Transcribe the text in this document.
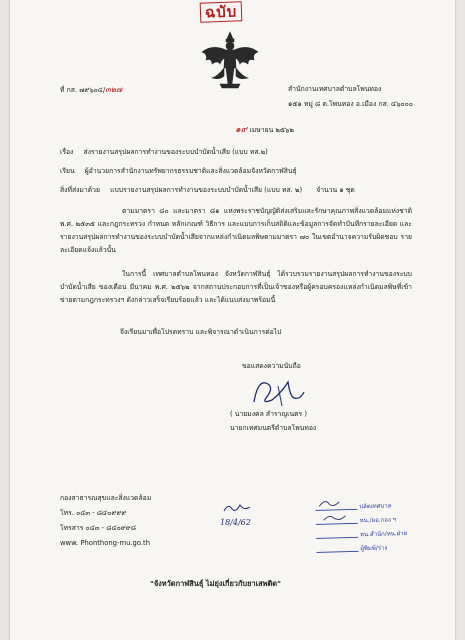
ฉบับ
ที่ กส. ๗๙๖๐๔/๓๒๗	สำนักงานเทศบาลตำบลโพนทอง
๑๕๑ หมู่ ๘ ต.โพนทอง อ.เมือง กส. ๔๖๐๐๐
๑๙ เมษายน ๒๕๖๒
เรื่อง ส่งรายงานสรุปผลการทำงานของระบบบำบัดน้ำเสีย (แบบ ทส.๒)
เรียน ผู้อำนวยการสำนักงานทรัพยากรธรรมชาติและสิ่งแวดล้อมจังหวัดกาฬสินธุ์
สิ่งที่ส่งมาด้วย แบบรายงานสรุปผลการทำงานของระบบบำบัดน้ำเสีย (แบบ ทส. ๒) จำนวน ๑ ชุด
ตามมาตรา ๘๐ และมาตรา ๘๑ แห่งพระราชบัญญัติส่งเสริมและรักษาคุณภาพสิ่งแวดล้อมแห่งชาติ พ.ศ. ๒๕๓๕ และกฎกระทรวง กำหนด หลักเกณฑ์ วิธีการ และแบบการเก็บสถิติและข้อมูลการจัดทำบันทึกรายละเอียด และรายงานสรุปผลการทำงานของระบบบำบัดน้ำเสียจากแหล่งกำเนิดมลพิษตามมาตรา ๗๐ ในเขตอำนาจความรับผิดชอบ รายละเอียดแจ้งแล้วนั้น
ในการนี้ เทศบาลตำบลโพนทอง จังหวัดกาฬสินธุ์ ได้รวบรวมรายงานสรุปผลการทำงานของระบบบำบัดน้ำเสีย ของเดือน มีนาคม พ.ศ. ๒๕๖๒ จากสถานประกอบการที่เป็นเจ้าของหรือผู้ครอบครองแหล่งกำเนิดมลพิษที่เข้าข่ายตามกฎกระทรวงฯ ดังกล่าวเสร็จเรียบร้อยแล้ว และได้แนบส่งมาพร้อมนี้
จึงเรียนมาเพื่อโปรดทราบ และพิจารณาดำเนินการต่อไป
ขอแสดงความนับถือ
( นายมงคล สำราญเนตร )
นายกเทศมนตรีตำบลโพนทอง
กองสาธารณสุขและสิ่งแวดล้อม
โทร. ๐๔๓ - ๘๔๐๙๙๙
โทรสาร ๐๔๓ - ๘๔๐๙๙๘
www. Phonthong-mu.go.th
18/4/62
ปลัดเทศบาล
หน./ผอ.กอง ฯ
หน.สำนัก/หน.ฝ่าย
ผู้พิมพ์/ร่าง
"จังหวัดกาฬสินธุ์ ไม่ยุ่งเกี่ยวกับยาเสพติด"
